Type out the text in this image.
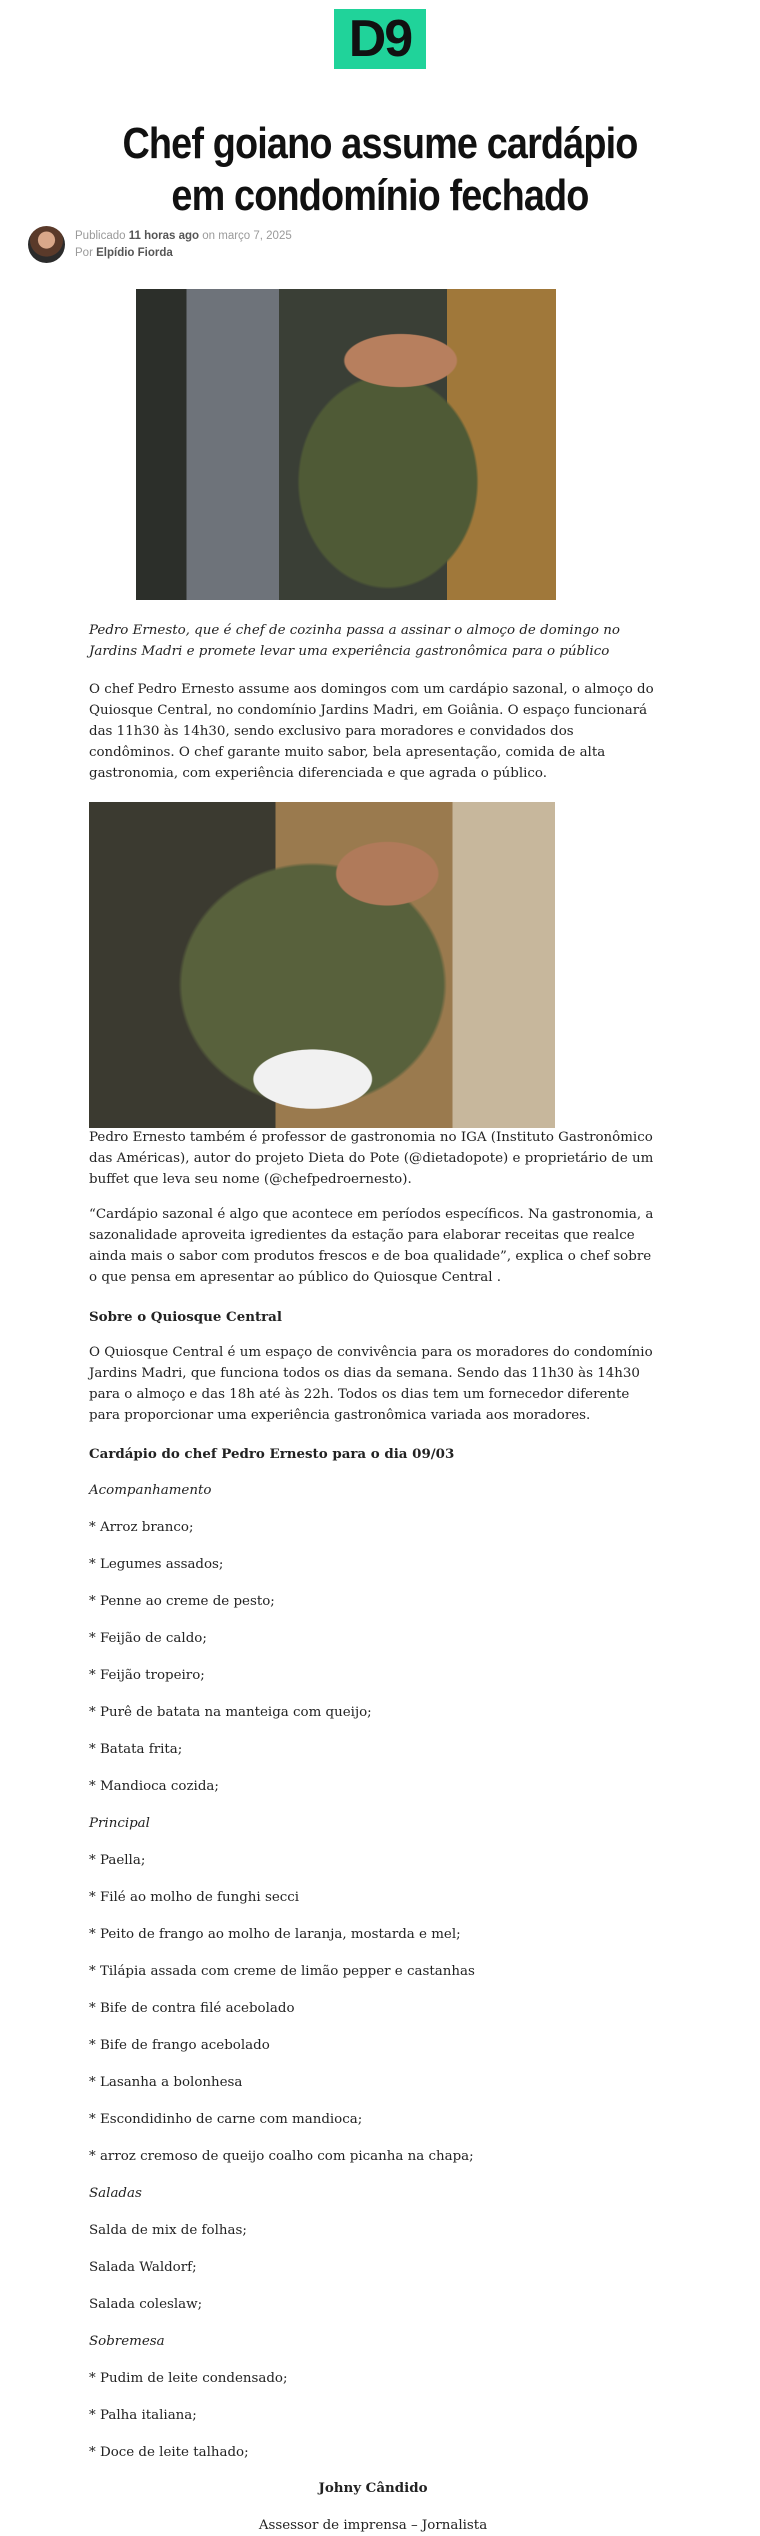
D9
Chef goiano assume cardápio em condomínio fechado
Publicado 11 horas ago on março 7, 2025
Por Elpídio Fiorda

Pedro Ernesto, que é chef de cozinha passa a assinar o almoço de domingo no Jardins Madri e promete levar uma experiência gastronômica para o público

O chef Pedro Ernesto assume aos domingos com um cardápio sazonal, o almoço do Quiosque Central, no condomínio Jardins Madri, em Goiânia. O espaço funcionará das 11h30 às 14h30, sendo exclusivo para moradores e convidados dos condôminos. O chef garante muito sabor, bela apresentação, comida de alta gastronomia, com experiência diferenciada e que agrada o público.

Pedro Ernesto também é professor de gastronomia no IGA (Instituto Gastronômico das Américas), autor do projeto Dieta do Pote (@dietadopote) e proprietário de um buffet que leva seu nome (@chefpedroernesto).

“Cardápio sazonal é algo que acontece em períodos específicos. Na gastronomia, a sazonalidade aproveita igredientes da estação para elaborar receitas que realce ainda mais o sabor com produtos frescos e de boa qualidade”, explica o chef sobre o que pensa em apresentar ao público do Quiosque Central .

Sobre o Quiosque Central

O Quiosque Central é um espaço de convivência para os moradores do condomínio Jardins Madri, que funciona todos os dias da semana. Sendo das 11h30 às 14h30 para o almoço e das 18h até às 22h. Todos os dias tem um fornecedor diferente para proporcionar uma experiência gastronômica variada aos moradores.

Cardápio do chef Pedro Ernesto para o dia 09/03

Acompanhamento

* Arroz branco;

* Legumes assados;

* Penne ao creme de pesto;

* Feijão de caldo;

* Feijão tropeiro;

* Purê de batata na manteiga com queijo;

* Batata frita;

* Mandioca cozida;

Principal

* Paella;

* Filé ao molho de funghi secci

* Peito de frango ao molho de laranja, mostarda e mel;

* Tilápia assada com creme de limão pepper e castanhas

* Bife de contra filé acebolado

* Bife de frango acebolado

* Lasanha a bolonhesa

* Escondidinho de carne com mandioca;

* arroz cremoso de queijo coalho com picanha na chapa;

Saladas

Salda de mix de folhas;

Salada Waldorf;

Salada coleslaw;

Sobremesa

* Pudim de leite condensado;

* Palha italiana;

* Doce de leite talhado;

Johny Cândido

Assessor de imprensa – Jornalista
